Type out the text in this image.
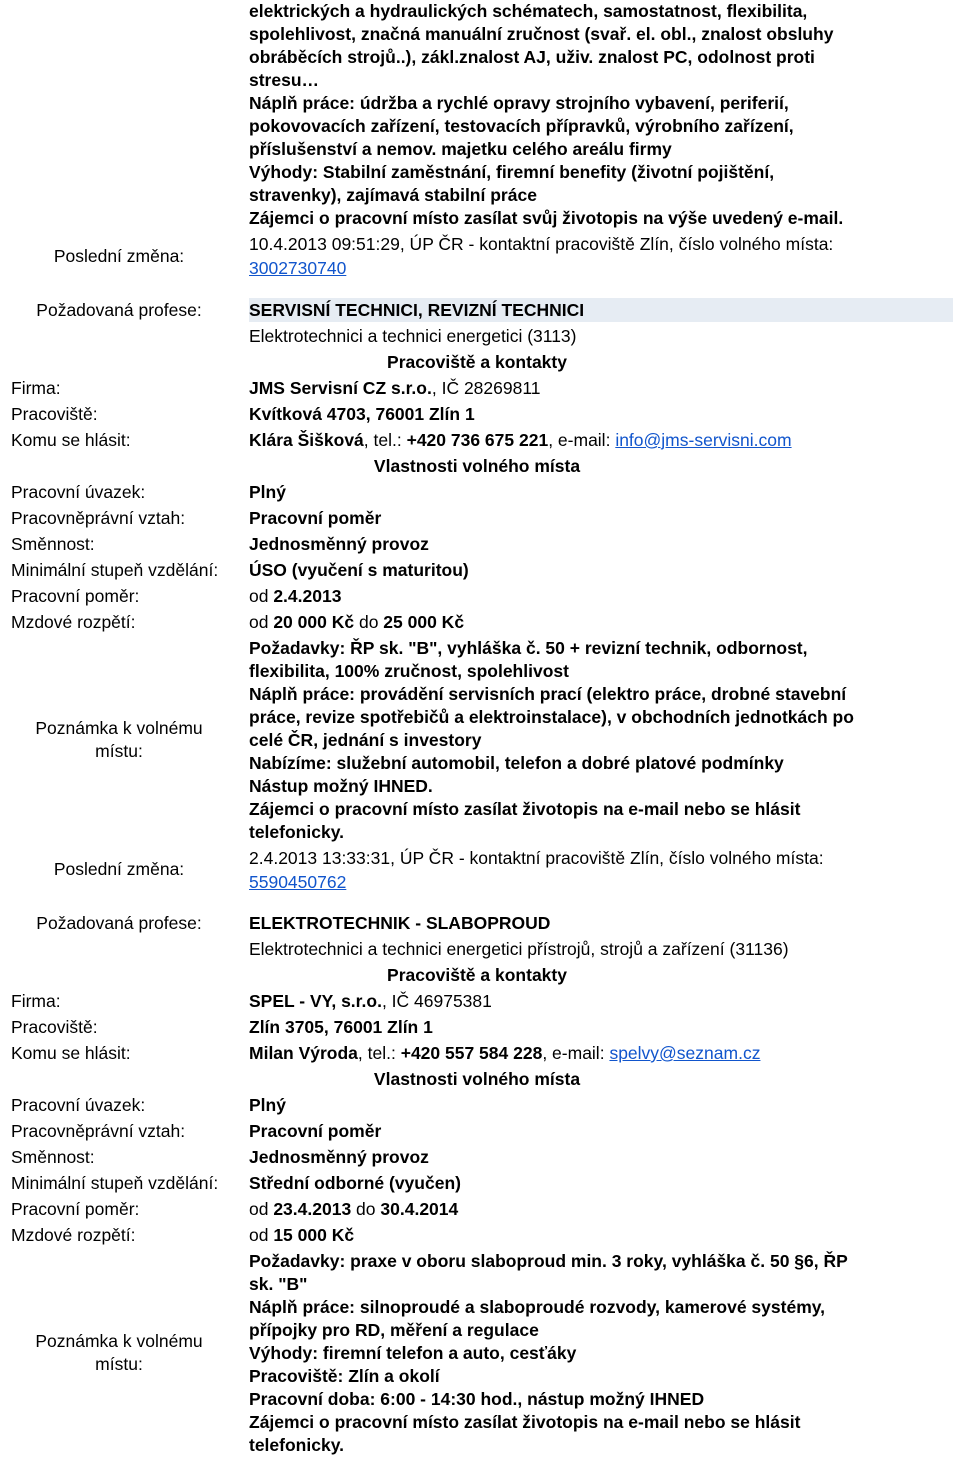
elektrických a hydraulických schématech, samostatnost, flexibilita,
spolehlivost, značná manuální zručnost (svař. el. obl., znalost obsluhy
obráběcích strojů..), zákl.znalost AJ, uživ. znalost PC, odolnost proti
stresu…
Náplň práce: údržba a rychlé opravy strojního vybavení, periferií,
pokovovacích zařízení, testovacích přípravků, výrobního zařízení,
příslušenství a nemov. majetku celého areálu firmy
Výhody: Stabilní zaměstnání, firemní benefity (životní pojištění,
stravenky), zajímavá stabilní práce
Zájemci o pracovní místo zasílat svůj životopis na výše uvedený e-mail.
Poslední změna:
10.4.2013 09:51:29, ÚP ČR - kontaktní pracoviště Zlín, číslo volného místa:
3002730740
Požadovaná profese:	SERVISNÍ TECHNICI, REVIZNÍ TECHNICI
Elektrotechnici a technici energetici (3113)
Pracoviště a kontakty
Firma:	JMS Servisní CZ s.r.o., IČ 28269811
Pracoviště:	Kvítková 4703, 76001 Zlín 1
Komu se hlásit:	Klára Šišková, tel.: +420 736 675 221, e-mail: info@jms-servisni.com
Vlastnosti volného místa
Pracovní úvazek:	Plný
Pracovněprávní vztah:	Pracovní poměr
Směnnost:	Jednosměnný provoz
Minimální stupeň vzdělání: ÚSO (vyučení s maturitou)
Pracovní poměr:	od 2.4.2013
Mzdové rozpětí:	od 20 000 Kč do 25 000 Kč
Poznámka k volnému
místu:
Požadavky: ŘP sk. "B", vyhláška č. 50 + revizní technik, odbornost,
flexibilita, 100% zručnost, spolehlivost
Náplň práce: provádění servisních prací (elektro práce, drobné stavební
práce, revize spotřebičů a elektroinstalace), v obchodních jednotkách po
celé ČR, jednání s investory
Nabízíme: služební automobil, telefon a dobré platové podmínky
Nástup možný IHNED.
Zájemci o pracovní místo zasílat životopis na e-mail nebo se hlásit
telefonicky.
Poslední změna:
2.4.2013 13:33:31, ÚP ČR - kontaktní pracoviště Zlín, číslo volného místa:
5590450762
Požadovaná profese:	ELEKTROTECHNIK - SLABOPROUD
Elektrotechnici a technici energetici přístrojů, strojů a zařízení (31136)
Pracoviště a kontakty
Firma:	SPEL - VY, s.r.o., IČ 46975381
Pracoviště:	Zlín 3705, 76001 Zlín 1
Komu se hlásit:	Milan Výroda, tel.: +420 557 584 228, e-mail: spelvy@seznam.cz
Vlastnosti volného místa
Pracovní úvazek:	Plný
Pracovněprávní vztah:	Pracovní poměr
Směnnost:	Jednosměnný provoz
Minimální stupeň vzdělání: Střední odborné (vyučen)
Pracovní poměr:	od 23.4.2013 do 30.4.2014
Mzdové rozpětí:	od 15 000 Kč
Poznámka k volnému
místu:
Požadavky: praxe v oboru slaboproud min. 3 roky, vyhláška č. 50 §6, ŘP
sk. "B"
Náplň práce: silnoproudé a slaboproudé rozvody, kamerové systémy,
přípojky pro RD, měření a regulace
Výhody: firemní telefon a auto, cesťáky
Pracoviště: Zlín a okolí
Pracovní doba: 6:00 - 14:30 hod., nástup možný IHNED
Zájemci o pracovní místo zasílat životopis na e-mail nebo se hlásit
telefonicky.
